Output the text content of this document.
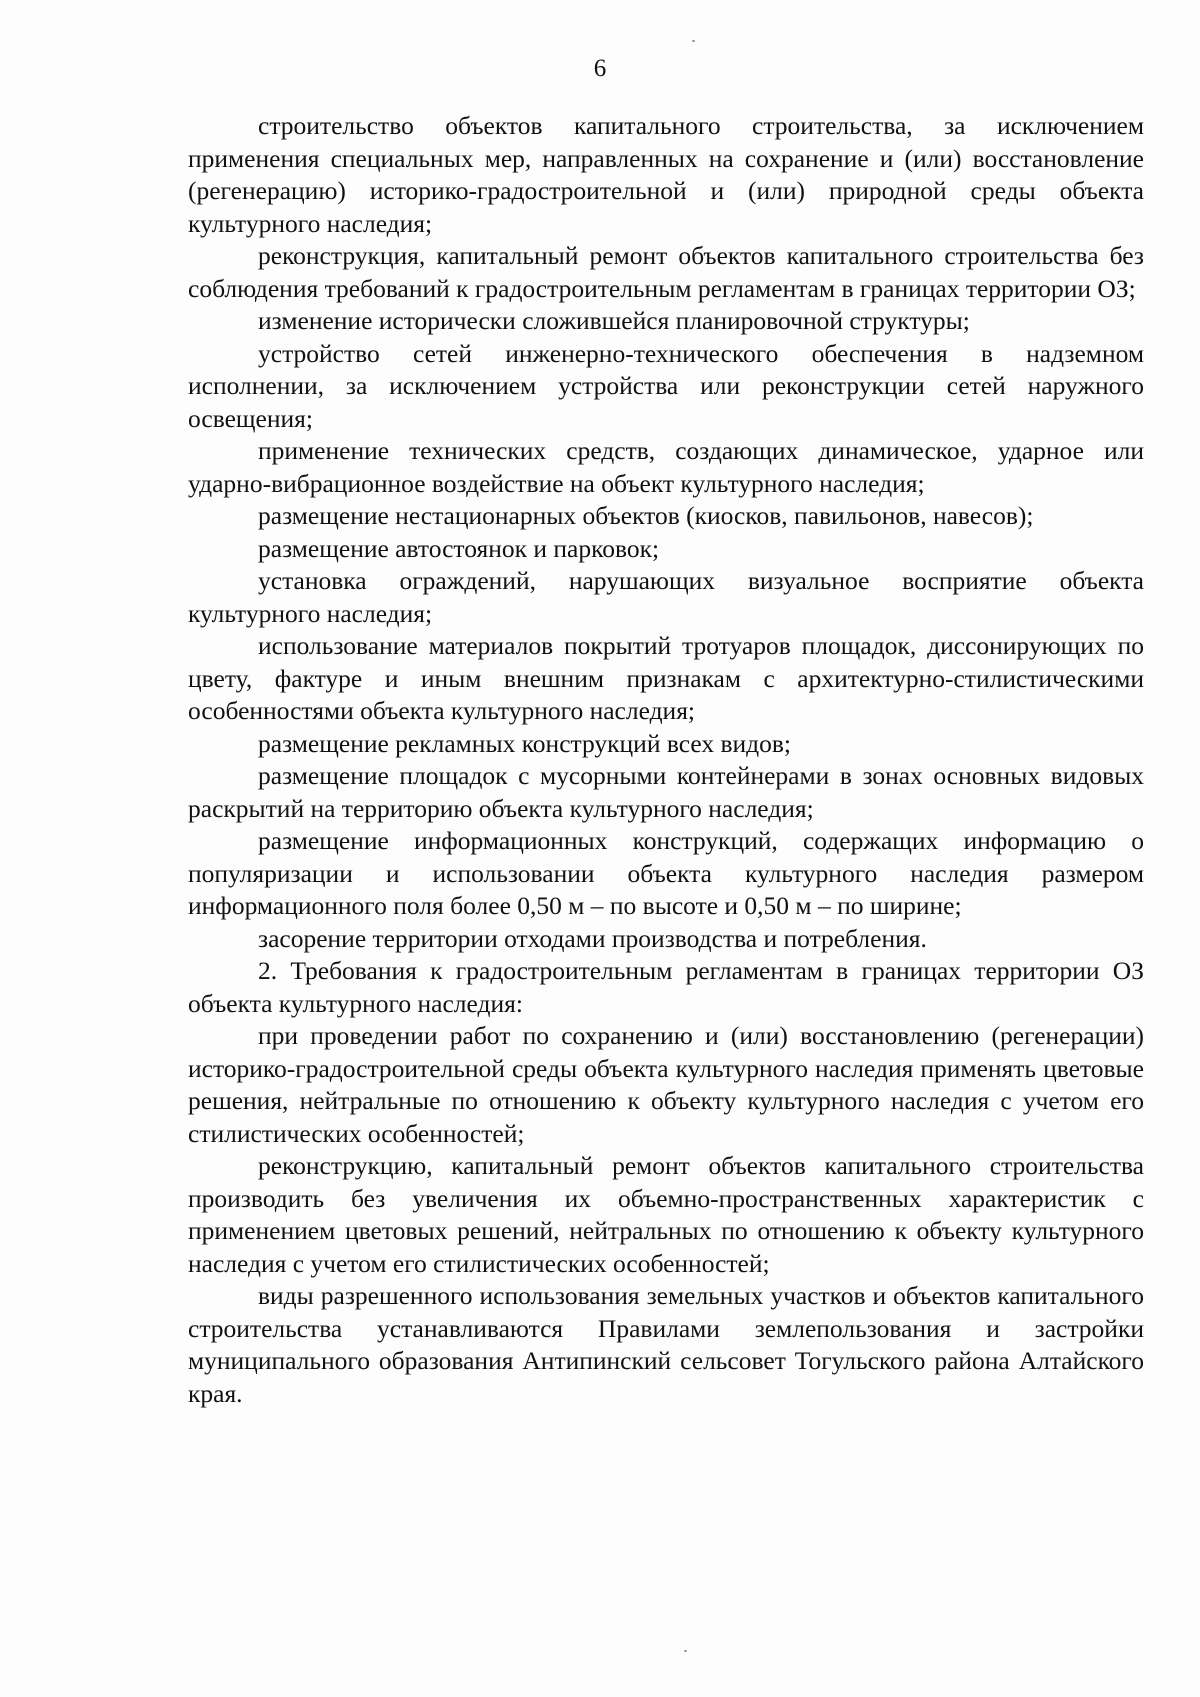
6

строительство объектов капитального строительства, за исключением применения специальных мер, направленных на сохранение и (или) восстановление (регенерацию) историко-градостроительной и (или) природной среды объекта культурного наследия;

реконструкция, капитальный ремонт объектов капитального строительства без соблюдения требований к градостроительным регламентам в границах территории ОЗ;

изменение исторически сложившейся планировочной структуры;

устройство сетей инженерно-технического обеспечения в надземном исполнении, за исключением устройства или реконструкции сетей наружного освещения;

применение технических средств, создающих динамическое, ударное или ударно-вибрационное воздействие на объект культурного наследия;

размещение нестационарных объектов (киосков, павильонов, навесов);

размещение автостоянок и парковок;

установка ограждений, нарушающих визуальное восприятие объекта культурного наследия;

использование материалов покрытий тротуаров площадок, диссонирующих по цвету, фактуре и иным внешним признакам с архитектурно-стилистическими особенностями объекта культурного наследия;

размещение рекламных конструкций всех видов;

размещение площадок с мусорными контейнерами в зонах основных видовых раскрытий на территорию объекта культурного наследия;

размещение информационных конструкций, содержащих информацию о популяризации и использовании объекта культурного наследия размером информационного поля более 0,50 м – по высоте и 0,50 м – по ширине;

засорение территории отходами производства и потребления.

2. Требования к градостроительным регламентам в границах территории ОЗ объекта культурного наследия:

при проведении работ по сохранению и (или) восстановлению (регенерации) историко-градостроительной среды объекта культурного наследия применять цветовые решения, нейтральные по отношению к объекту культурного наследия с учетом его стилистических особенностей;

реконструкцию, капитальный ремонт объектов капитального строительства производить без увеличения их объемно-пространственных характеристик с применением цветовых решений, нейтральных по отношению к объекту культурного наследия с учетом его стилистических особенностей;

виды разрешенного использования земельных участков и объектов капитального строительства устанавливаются Правилами землепользования и застройки муниципального образования Антипинский сельсовет Тогульского района Алтайского края.
